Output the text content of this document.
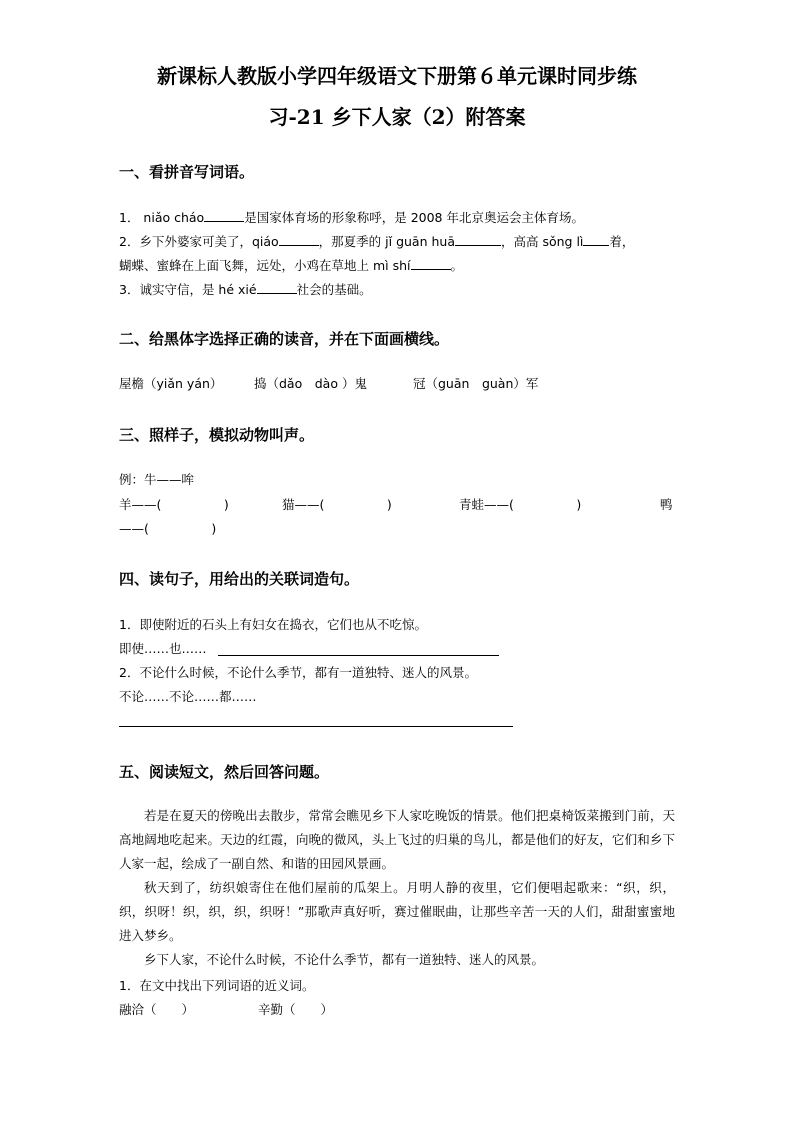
新课标人教版小学四年级语文下册第６单元课时同步练
习-21 乡下人家（2）附答案
一、看拼音写词语。
1． niǎo cháo	是国家体育场的形象称呼，是 2008 年北京奥运会主体育场。
2．乡下外婆家可美了，qiáo	，那夏季的 jǐ guān huā	，高高 sǒng lì 着，
蝴蝶、蜜蜂在上面飞舞，远处，小鸡在草地上 mì shí	。
3．诚实守信，是 hé xié	社会的基础。
二、给黑体字选择正确的读音，并在下面画横线。
屋檐（yiǎn yán）	捣（dǎo　dào ）鬼	冠（guān　guàn）军
三、照样子，模拟动物叫声。
例：牛——哞
羊——(　　　　　)	猫——(　　　　　)	青蛙——(　　　　　)	鸭
——(　　　　　)
四、读句子，用给出的关联词造句。
1．即使附近的石头上有妇女在捣衣，它们也从不吃惊。
即使……也……
2．不论什么时候，不论什么季节，都有一道独特、迷人的风景。
不论……不论……都……
五、阅读短文，然后回答问题。

若是在夏天的傍晚出去散步，常常会瞧见乡下人家吃晚饭的情景。他们把桌椅饭菜搬到门前，天高地阔地吃起来。天边的红霞，向晚的微风，头上飞过的归巢的鸟儿，都是他们的好友，它们和乡下人家一起，绘成了一副自然、和谐的田园风景画。

秋天到了，纺织娘寄住在他们屋前的瓜架上。月明人静的夜里，它们便唱起歌来：“织，织，织，织呀！织，织，织，织呀！”那歌声真好听，赛过催眠曲，让那些辛苦一天的人们，甜甜蜜蜜地进入梦乡。

乡下人家，不论什么时候，不论什么季节，都有一道独特、迷人的风景。

1．在文中找出下列词语的近义词。
融洽（　　）	辛勤（　　）
